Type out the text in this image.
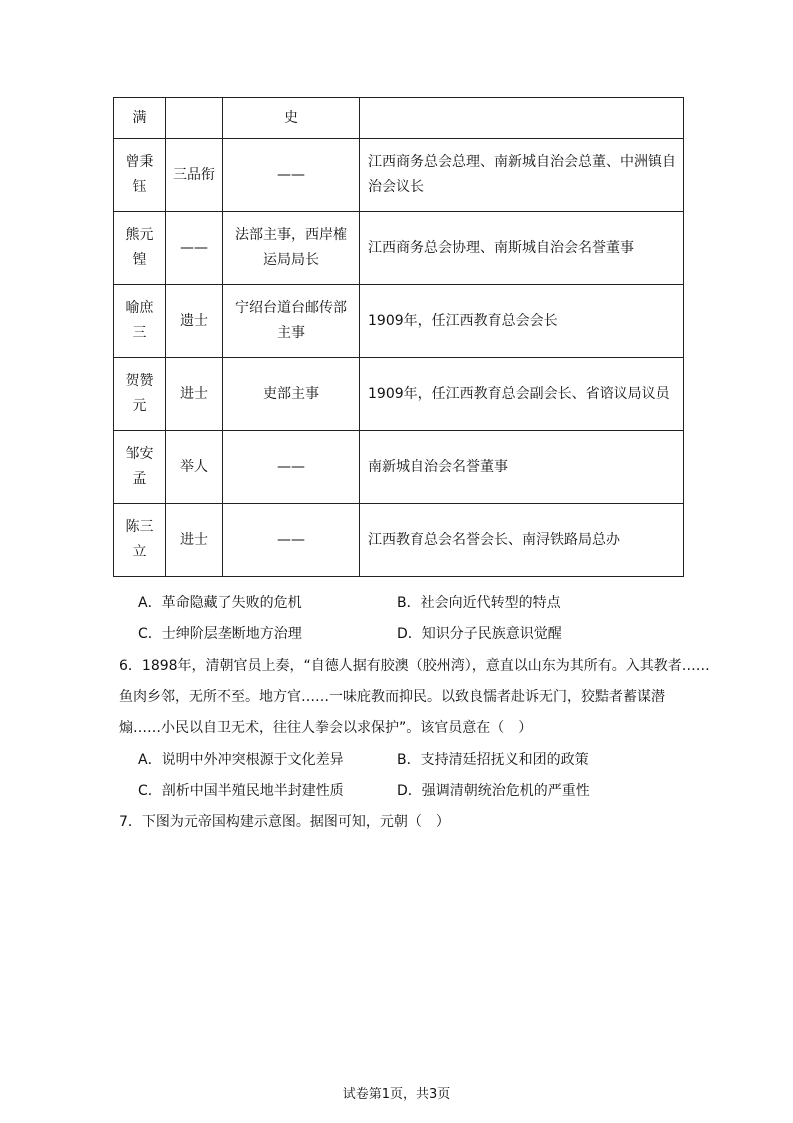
满		史	
曾秉钰	三品衔	——	江西商务总会总理、南新城自治会总董、中洲镇自治会议长
熊元锽	——	法部主事，西岸榷运局局长	江西商务总会协理、南斯城自治会名誉董事
喻庶三	遗士	宁绍台道台邮传部主事	1909年，任江西教育总会会长
贺赞元	进士	吏部主事	1909年，任江西教育总会副会长、省谘议局议员
邹安孟	举人	——	南新城自治会名誉董事
陈三立	进士	——	江西教育总会名誉会长、南浔铁路局总办
A．革命隐藏了失败的危机	B．社会向近代转型的特点
C．士绅阶层垄断地方治理	D．知识分子民族意识觉醒
6．1898年，清朝官员上奏，“自德人据有胶澳（胶州湾），意直以山东为其所有。入其教者……
鱼肉乡邻，无所不至。地方官……一味庇教而抑民。以致良懦者赴诉无门，狡黠者蓄谋潜
煽……小民以自卫无术，往往人拳会以求保护”。该官员意在（　）
A．说明中外冲突根源于文化差异	B．支持清廷招抚义和团的政策
C．剖析中国半殖民地半封建性质	D．强调清朝统治危机的严重性
7．下图为元帝国构建示意图。据图可知，元朝（　）
试卷第1页，共3页
